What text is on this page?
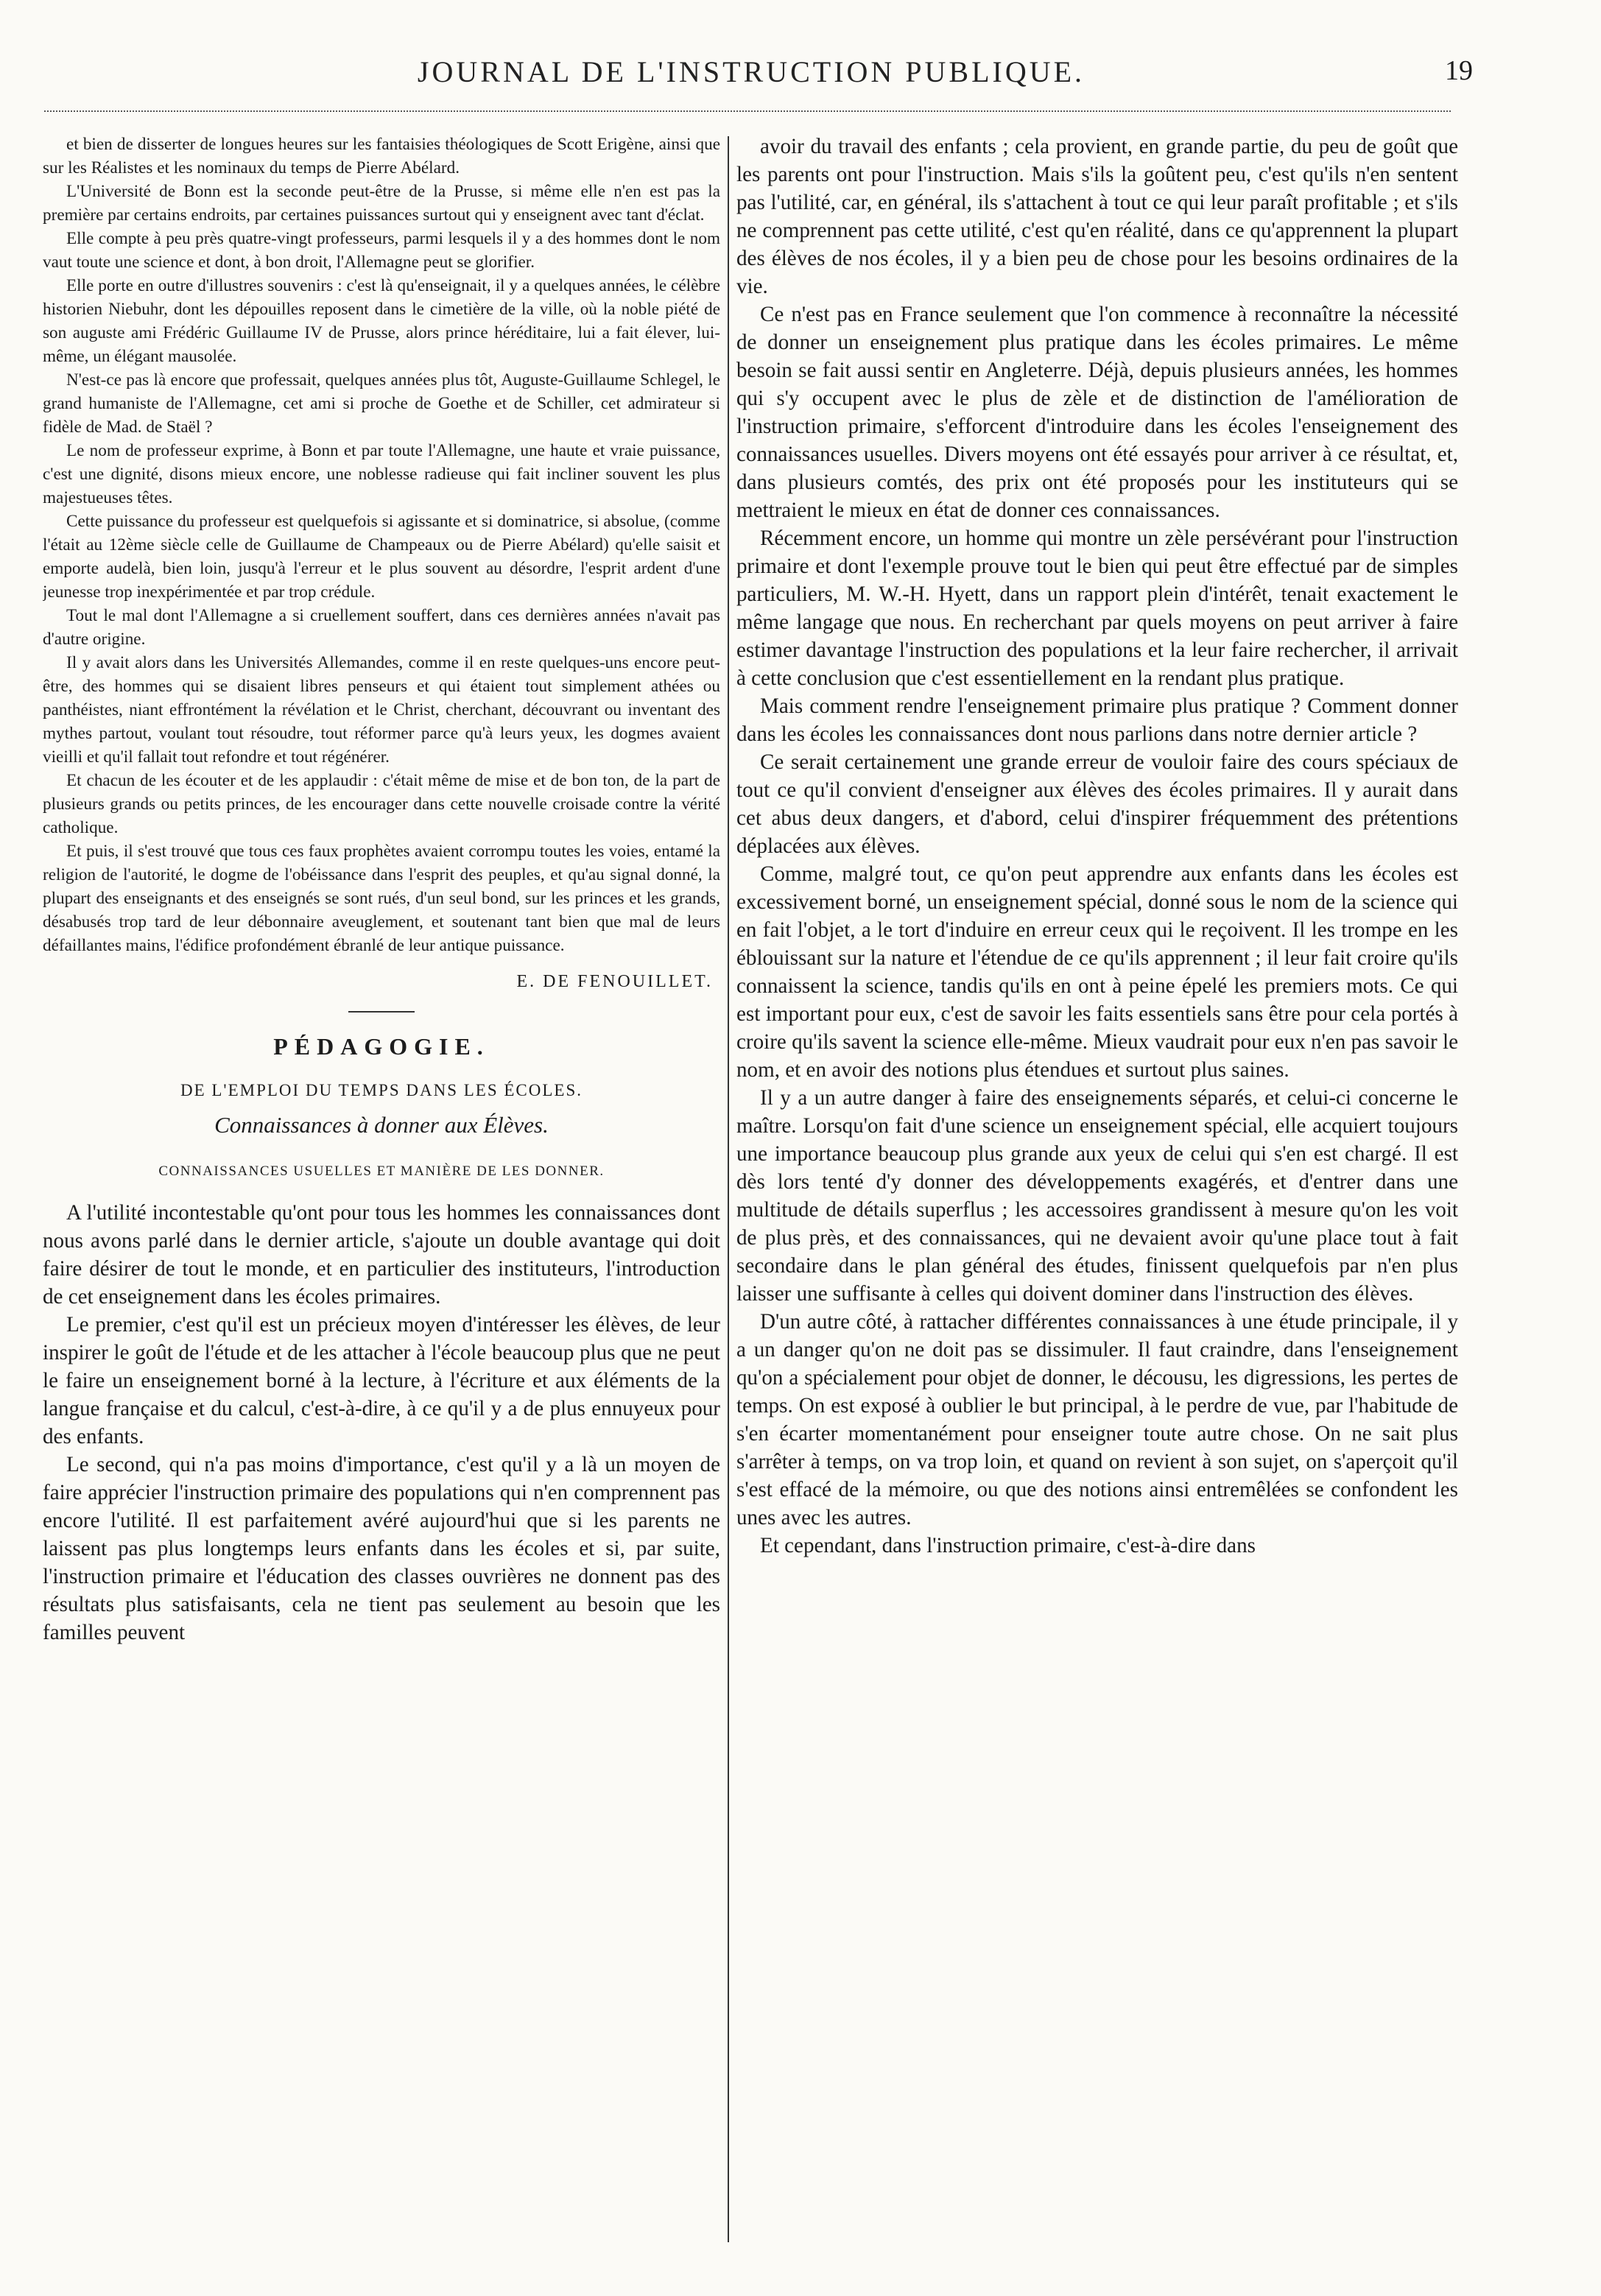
JOURNAL DE L'INSTRUCTION PUBLIQUE.	19

et bien de disserter de longues heures sur les fantaisies théologiques de Scott Erigène, ainsi que sur les Réalistes et les nominaux du temps de Pierre Abélard.

L'Université de Bonn est la seconde peut-être de la Prusse, si même elle n'en est pas la première par certains endroits, par certaines puissances surtout qui y enseignent avec tant d'éclat.

Elle compte à peu près quatre-vingt professeurs, parmi lesquels il y a des hommes dont le nom vaut toute une science et dont, à bon droit, l'Allemagne peut se glorifier.

Elle porte en outre d'illustres souvenirs : c'est là qu'enseignait, il y a quelques années, le célèbre historien Niebuhr, dont les dépouilles reposent dans le cimetière de la ville, où la noble piété de son auguste ami Frédéric Guillaume IV de Prusse, alors prince héréditaire, lui a fait élever, lui-même, un élégant mausolée.

N'est-ce pas là encore que professait, quelques années plus tôt, Auguste-Guillaume Schlegel, le grand humaniste de l'Allemagne, cet ami si proche de Goethe et de Schiller, cet admirateur si fidèle de Mad. de Staël ?

Le nom de professeur exprime, à Bonn et par toute l'Allemagne, une haute et vraie puissance, c'est une dignité, disons mieux encore, une noblesse radieuse qui fait incliner souvent les plus majestueuses têtes.

Cette puissance du professeur est quelquefois si agissante et si dominatrice, si absolue, (comme l'était au 12ème siècle celle de Guillaume de Champeaux ou de Pierre Abélard) qu'elle saisit et emporte audelà, bien loin, jusqu'à l'erreur et le plus souvent au désordre, l'esprit ardent d'une jeunesse trop inexpérimentée et par trop crédule.

Tout le mal dont l'Allemagne a si cruellement souffert, dans ces dernières années n'avait pas d'autre origine.

Il y avait alors dans les Universités Allemandes, comme il en reste quelques-uns encore peut-être, des hommes qui se disaient libres penseurs et qui étaient tout simplement athées ou panthéistes, niant effrontément la révélation et le Christ, cherchant, découvrant ou inventant des mythes partout, voulant tout résoudre, tout réformer parce qu'à leurs yeux, les dogmes avaient vieilli et qu'il fallait tout refondre et tout régénérer.

Et chacun de les écouter et de les applaudir : c'était même de mise et de bon ton, de la part de plusieurs grands ou petits princes, de les encourager dans cette nouvelle croisade contre la vérité catholique.

Et puis, il s'est trouvé que tous ces faux prophètes avaient corrompu toutes les voies, entamé la religion de l'autorité, le dogme de l'obéissance dans l'esprit des peuples, et qu'au signal donné, la plupart des enseignants et des enseignés se sont rués, d'un seul bond, sur les princes et les grands, désabusés trop tard de leur débonnaire aveuglement, et soutenant tant bien que mal de leurs défaillantes mains, l'édifice profondément ébranlé de leur antique puissance.

E. DE FENOUILLET.
PÉDAGOGIE.
DE L'EMPLOI DU TEMPS DANS LES ÉCOLES.
Connaissances à donner aux Élèves.
CONNAISSANCES USUELLES ET MANIÈRE DE LES DONNER.

A l'utilité incontestable qu'ont pour tous les hommes les connaissances dont nous avons parlé dans le dernier article, s'ajoute un double avantage qui doit faire désirer de tout le monde, et en particulier des instituteurs, l'introduction de cet enseignement dans les écoles primaires.

Le premier, c'est qu'il est un précieux moyen d'intéresser les élèves, de leur inspirer le goût de l'étude et de les attacher à l'école beaucoup plus que ne peut le faire un enseignement borné à la lecture, à l'écriture et aux éléments de la langue française et du calcul, c'est-à-dire, à ce qu'il y a de plus ennuyeux pour des enfants.

Le second, qui n'a pas moins d'importance, c'est qu'il y a là un moyen de faire apprécier l'instruction primaire des populations qui n'en comprennent pas encore l'utilité. Il est parfaitement avéré aujourd'hui que si les parents ne laissent pas plus longtemps leurs enfants dans les écoles et si, par suite, l'instruction primaire et l'éducation des classes ouvrières ne donnent pas des résultats plus satisfaisants, cela ne tient pas seulement au besoin que les familles peuvent

avoir du travail des enfants ; cela provient, en grande partie, du peu de goût que les parents ont pour l'instruction. Mais s'ils la goûtent peu, c'est qu'ils n'en sentent pas l'utilité, car, en général, ils s'attachent à tout ce qui leur paraît profitable ; et s'ils ne comprennent pas cette utilité, c'est qu'en réalité, dans ce qu'apprennent la plupart des élèves de nos écoles, il y a bien peu de chose pour les besoins ordinaires de la vie.

Ce n'est pas en France seulement que l'on commence à reconnaître la nécessité de donner un enseignement plus pratique dans les écoles primaires. Le même besoin se fait aussi sentir en Angleterre. Déjà, depuis plusieurs années, les hommes qui s'y occupent avec le plus de zèle et de distinction de l'amélioration de l'instruction primaire, s'efforcent d'introduire dans les écoles l'enseignement des connaissances usuelles. Divers moyens ont été essayés pour arriver à ce résultat, et, dans plusieurs comtés, des prix ont été proposés pour les instituteurs qui se mettraient le mieux en état de donner ces connaissances.

Récemment encore, un homme qui montre un zèle persévérant pour l'instruction primaire et dont l'exemple prouve tout le bien qui peut être effectué par de simples particuliers, M. W.-H. Hyett, dans un rapport plein d'intérêt, tenait exactement le même langage que nous. En recherchant par quels moyens on peut arriver à faire estimer davantage l'instruction des populations et la leur faire rechercher, il arrivait à cette conclusion que c'est essentiellement en la rendant plus pratique.

Mais comment rendre l'enseignement primaire plus pratique ? Comment donner dans les écoles les connaissances dont nous parlions dans notre dernier article ?

Ce serait certainement une grande erreur de vouloir faire des cours spéciaux de tout ce qu'il convient d'enseigner aux élèves des écoles primaires. Il y aurait dans cet abus deux dangers, et d'abord, celui d'inspirer fréquemment des prétentions déplacées aux élèves.

Comme, malgré tout, ce qu'on peut apprendre aux enfants dans les écoles est excessivement borné, un enseignement spécial, donné sous le nom de la science qui en fait l'objet, a le tort d'induire en erreur ceux qui le reçoivent. Il les trompe en les éblouissant sur la nature et l'étendue de ce qu'ils apprennent ; il leur fait croire qu'ils connaissent la science, tandis qu'ils en ont à peine épelé les premiers mots. Ce qui est important pour eux, c'est de savoir les faits essentiels sans être pour cela portés à croire qu'ils savent la science elle-même. Mieux vaudrait pour eux n'en pas savoir le nom, et en avoir des notions plus étendues et surtout plus saines.

Il y a un autre danger à faire des enseignements séparés, et celui-ci concerne le maître. Lorsqu'on fait d'une science un enseignement spécial, elle acquiert toujours une importance beaucoup plus grande aux yeux de celui qui s'en est chargé. Il est dès lors tenté d'y donner des développements exagérés, et d'entrer dans une multitude de détails superflus ; les accessoires grandissent à mesure qu'on les voit de plus près, et des connaissances, qui ne devaient avoir qu'une place tout à fait secondaire dans le plan général des études, finissent quelquefois par n'en plus laisser une suffisante à celles qui doivent dominer dans l'instruction des élèves.

D'un autre côté, à rattacher différentes connaissances à une étude principale, il y a un danger qu'on ne doit pas se dissimuler. Il faut craindre, dans l'enseignement qu'on a spécialement pour objet de donner, le décousu, les digressions, les pertes de temps. On est exposé à oublier le but principal, à le perdre de vue, par l'habitude de s'en écarter momentanément pour enseigner toute autre chose. On ne sait plus s'arrêter à temps, on va trop loin, et quand on revient à son sujet, on s'aperçoit qu'il s'est effacé de la mémoire, ou que des notions ainsi entremêlées se confondent les unes avec les autres.

Et cependant, dans l'instruction primaire, c'est-à-dire dans
